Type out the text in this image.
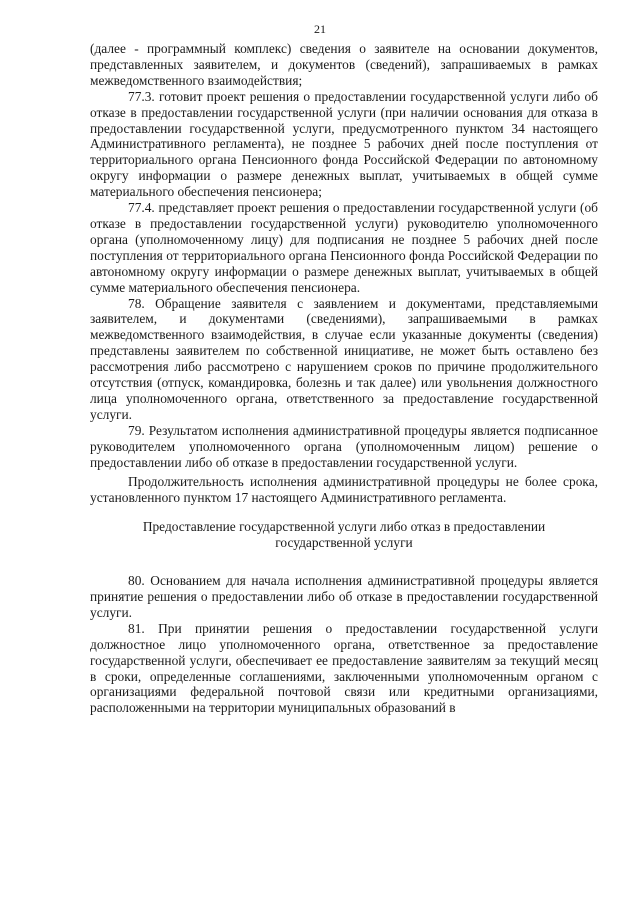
21

(далее - программный комплекс) сведения о заявителе на основании документов, представленных заявителем, и документов (сведений), запрашиваемых в рамках межведомственного взаимодействия;

77.3. готовит проект решения о предоставлении государственной услуги либо об отказе в предоставлении государственной услуги (при наличии основания для отказа в предоставлении государственной услуги, предусмотренного пунктом 34 настоящего Административного регламента), не позднее 5 рабочих дней после поступления от территориального органа Пенсионного фонда Российской Федерации по автономному округу информации о размере денежных выплат, учитываемых в общей сумме материального обеспечения пенсионера;

77.4. представляет проект решения о предоставлении государственной услуги (об отказе в предоставлении государственной услуги) руководителю уполномоченного органа (уполномоченному лицу) для подписания не позднее 5 рабочих дней после поступления от территориального органа Пенсионного фонда Российской Федерации по автономному округу информации о размере денежных выплат, учитываемых в общей сумме материального обеспечения пенсионера.

78. Обращение заявителя с заявлением и документами, представляемыми заявителем, и документами (сведениями), запрашиваемыми в рамках межведомственного взаимодействия, в случае если указанные документы (сведения) представлены заявителем по собственной инициативе, не может быть оставлено без рассмотрения либо рассмотрено с нарушением сроков по причине продолжительного отсутствия (отпуск, командировка, болезнь и так далее) или увольнения должностного лица уполномоченного органа, ответственного за предоставление государственной услуги.

79. Результатом исполнения административной процедуры является подписанное руководителем уполномоченного органа (уполномоченным лицом) решение о предоставлении либо об отказе в предоставлении государственной услуги.

Продолжительность исполнения административной процедуры не более срока, установленного пунктом 17 настоящего Административного регламента.

Предоставление государственной услуги либо отказ в предоставлении государственной услуги

80. Основанием для начала исполнения административной процедуры является принятие решения о предоставлении либо об отказе в предоставлении государственной услуги.

81. При принятии решения о предоставлении государственной услуги должностное лицо уполномоченного органа, ответственное за предоставление государственной услуги, обеспечивает ее предоставление заявителям за текущий месяц в сроки, определенные соглашениями, заключенными уполномоченным органом с организациями федеральной почтовой связи или кредитными организациями, расположенными на территории муниципальных образований в
